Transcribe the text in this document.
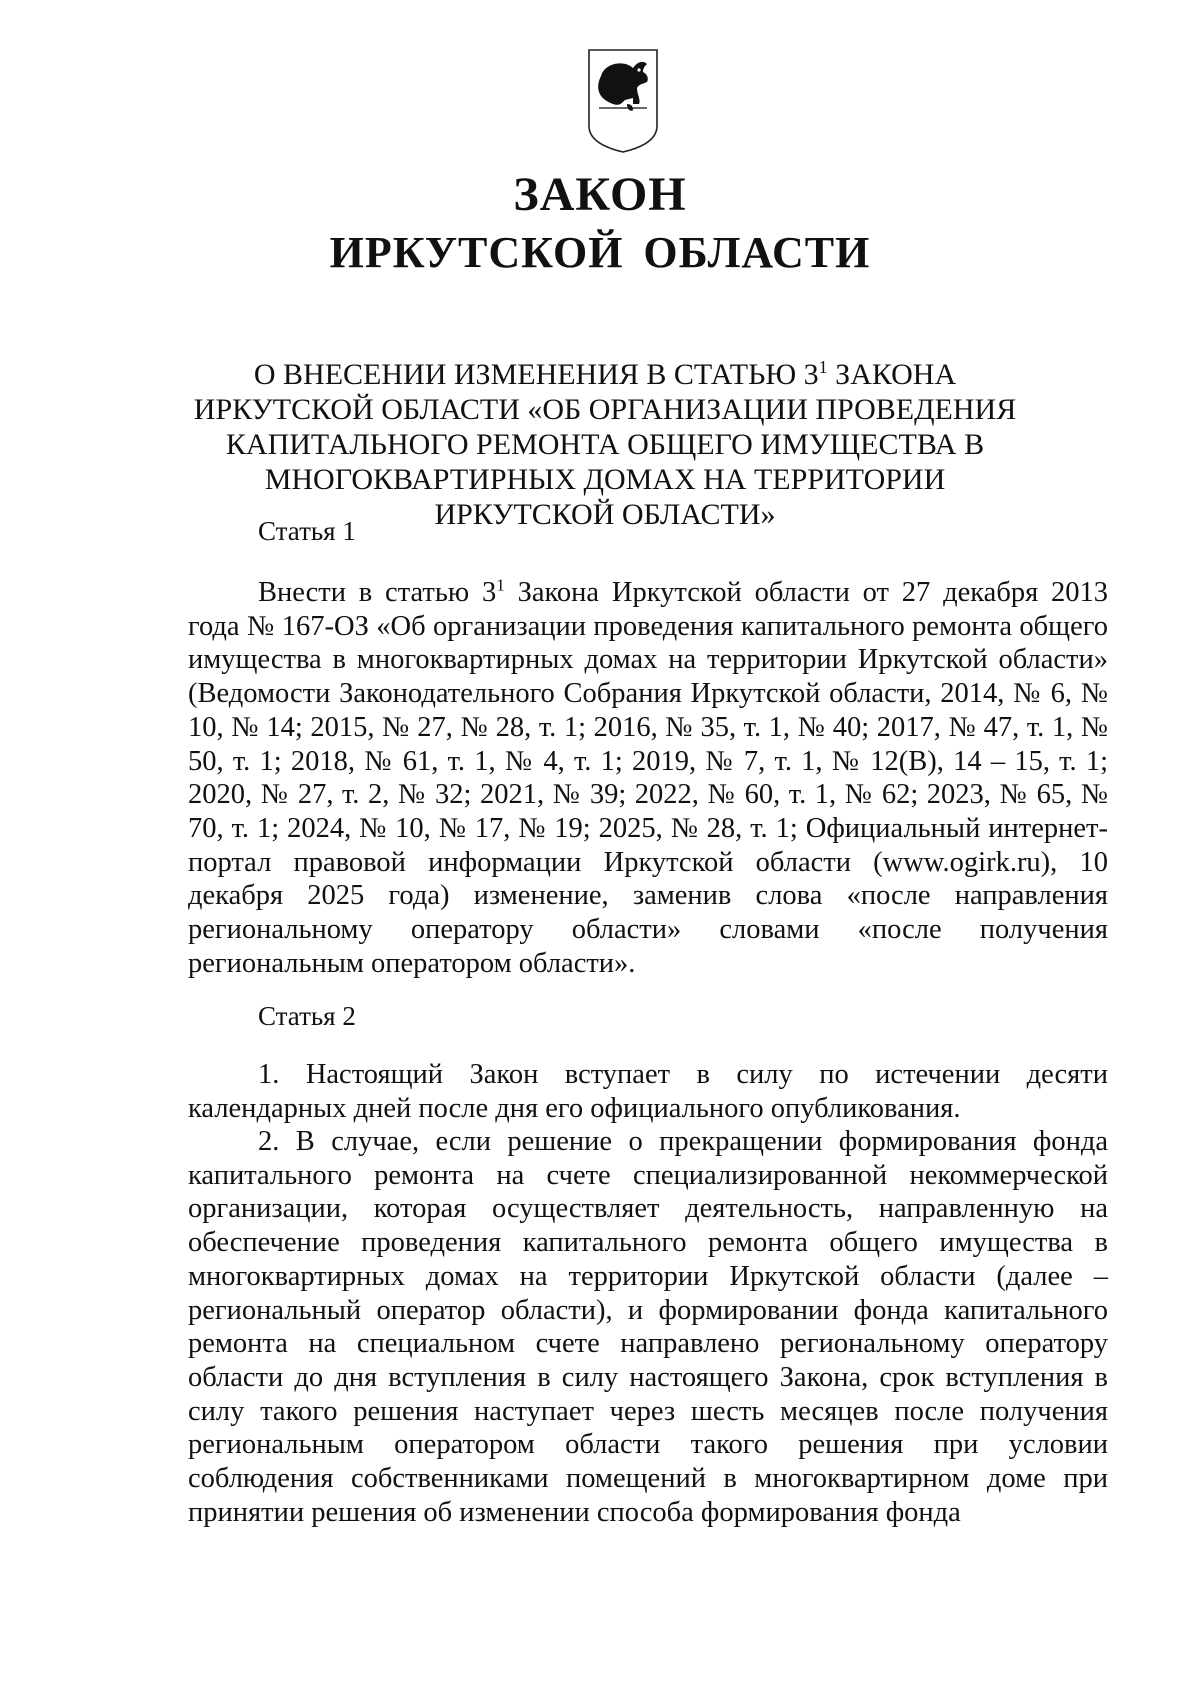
ЗАКОН
ИРКУТСКОЙ ОБЛАСТИ
О ВНЕСЕНИИ ИЗМЕНЕНИЯ В СТАТЬЮ $3^1$ ЗАКОНА ИРКУТСКОЙ ОБЛАСТИ «ОБ ОРГАНИЗАЦИИ ПРОВЕДЕНИЯ КАПИТАЛЬНОГО РЕМОНТА ОБЩЕГО ИМУЩЕСТВА В МНОГОКВАРТИРНЫХ ДОМАХ НА ТЕРРИТОРИИ ИРКУТСКОЙ ОБЛАСТИ»

Статья 1

Внести в статью $3^1$ Закона Иркутской области от 27 декабря 2013 года № 167-ОЗ «Об организации проведения капитального ремонта общего имущества в многоквартирных домах на территории Иркутской области» (Ведомости Законодательного Собрания Иркутской области, 2014, № 6, № 10, № 14; 2015, № 27, № 28, т. 1; 2016, № 35, т. 1, № 40; 2017, № 47, т. 1, № 50, т. 1; 2018, № 61, т. 1, № 4, т. 1; 2019, № 7, т. 1, № 12(В), 14 – 15, т. 1; 2020, № 27, т. 2, № 32; 2021, № 39; 2022, № 60, т. 1, № 62; 2023, № 65, № 70, т. 1; 2024, № 10, № 17, № 19; 2025, № 28, т. 1; Официальный интернет-портал правовой информации Иркутской области (www.ogirk.ru), 10 декабря 2025 года) изменение, заменив слова «после направления региональному оператору области» словами «после получения региональным оператором области».

Статья 2

1. Настоящий Закон вступает в силу по истечении десяти календарных дней после дня его официального опубликования.

2. В случае, если решение о прекращении формирования фонда капитального ремонта на счете специализированной некоммерческой организации, которая осуществляет деятельность, направленную на обеспечение проведения капитального ремонта общего имущества в многоквартирных домах на территории Иркутской области (далее – региональный оператор области), и формировании фонда капитального ремонта на специальном счете направлено региональному оператору области до дня вступления в силу настоящего Закона, срок вступления в силу такого решения наступает через шесть месяцев после получения региональным оператором области такого решения при условии соблюдения собственниками помещений в многоквартирном доме при принятии решения об изменении способа формирования фонда
